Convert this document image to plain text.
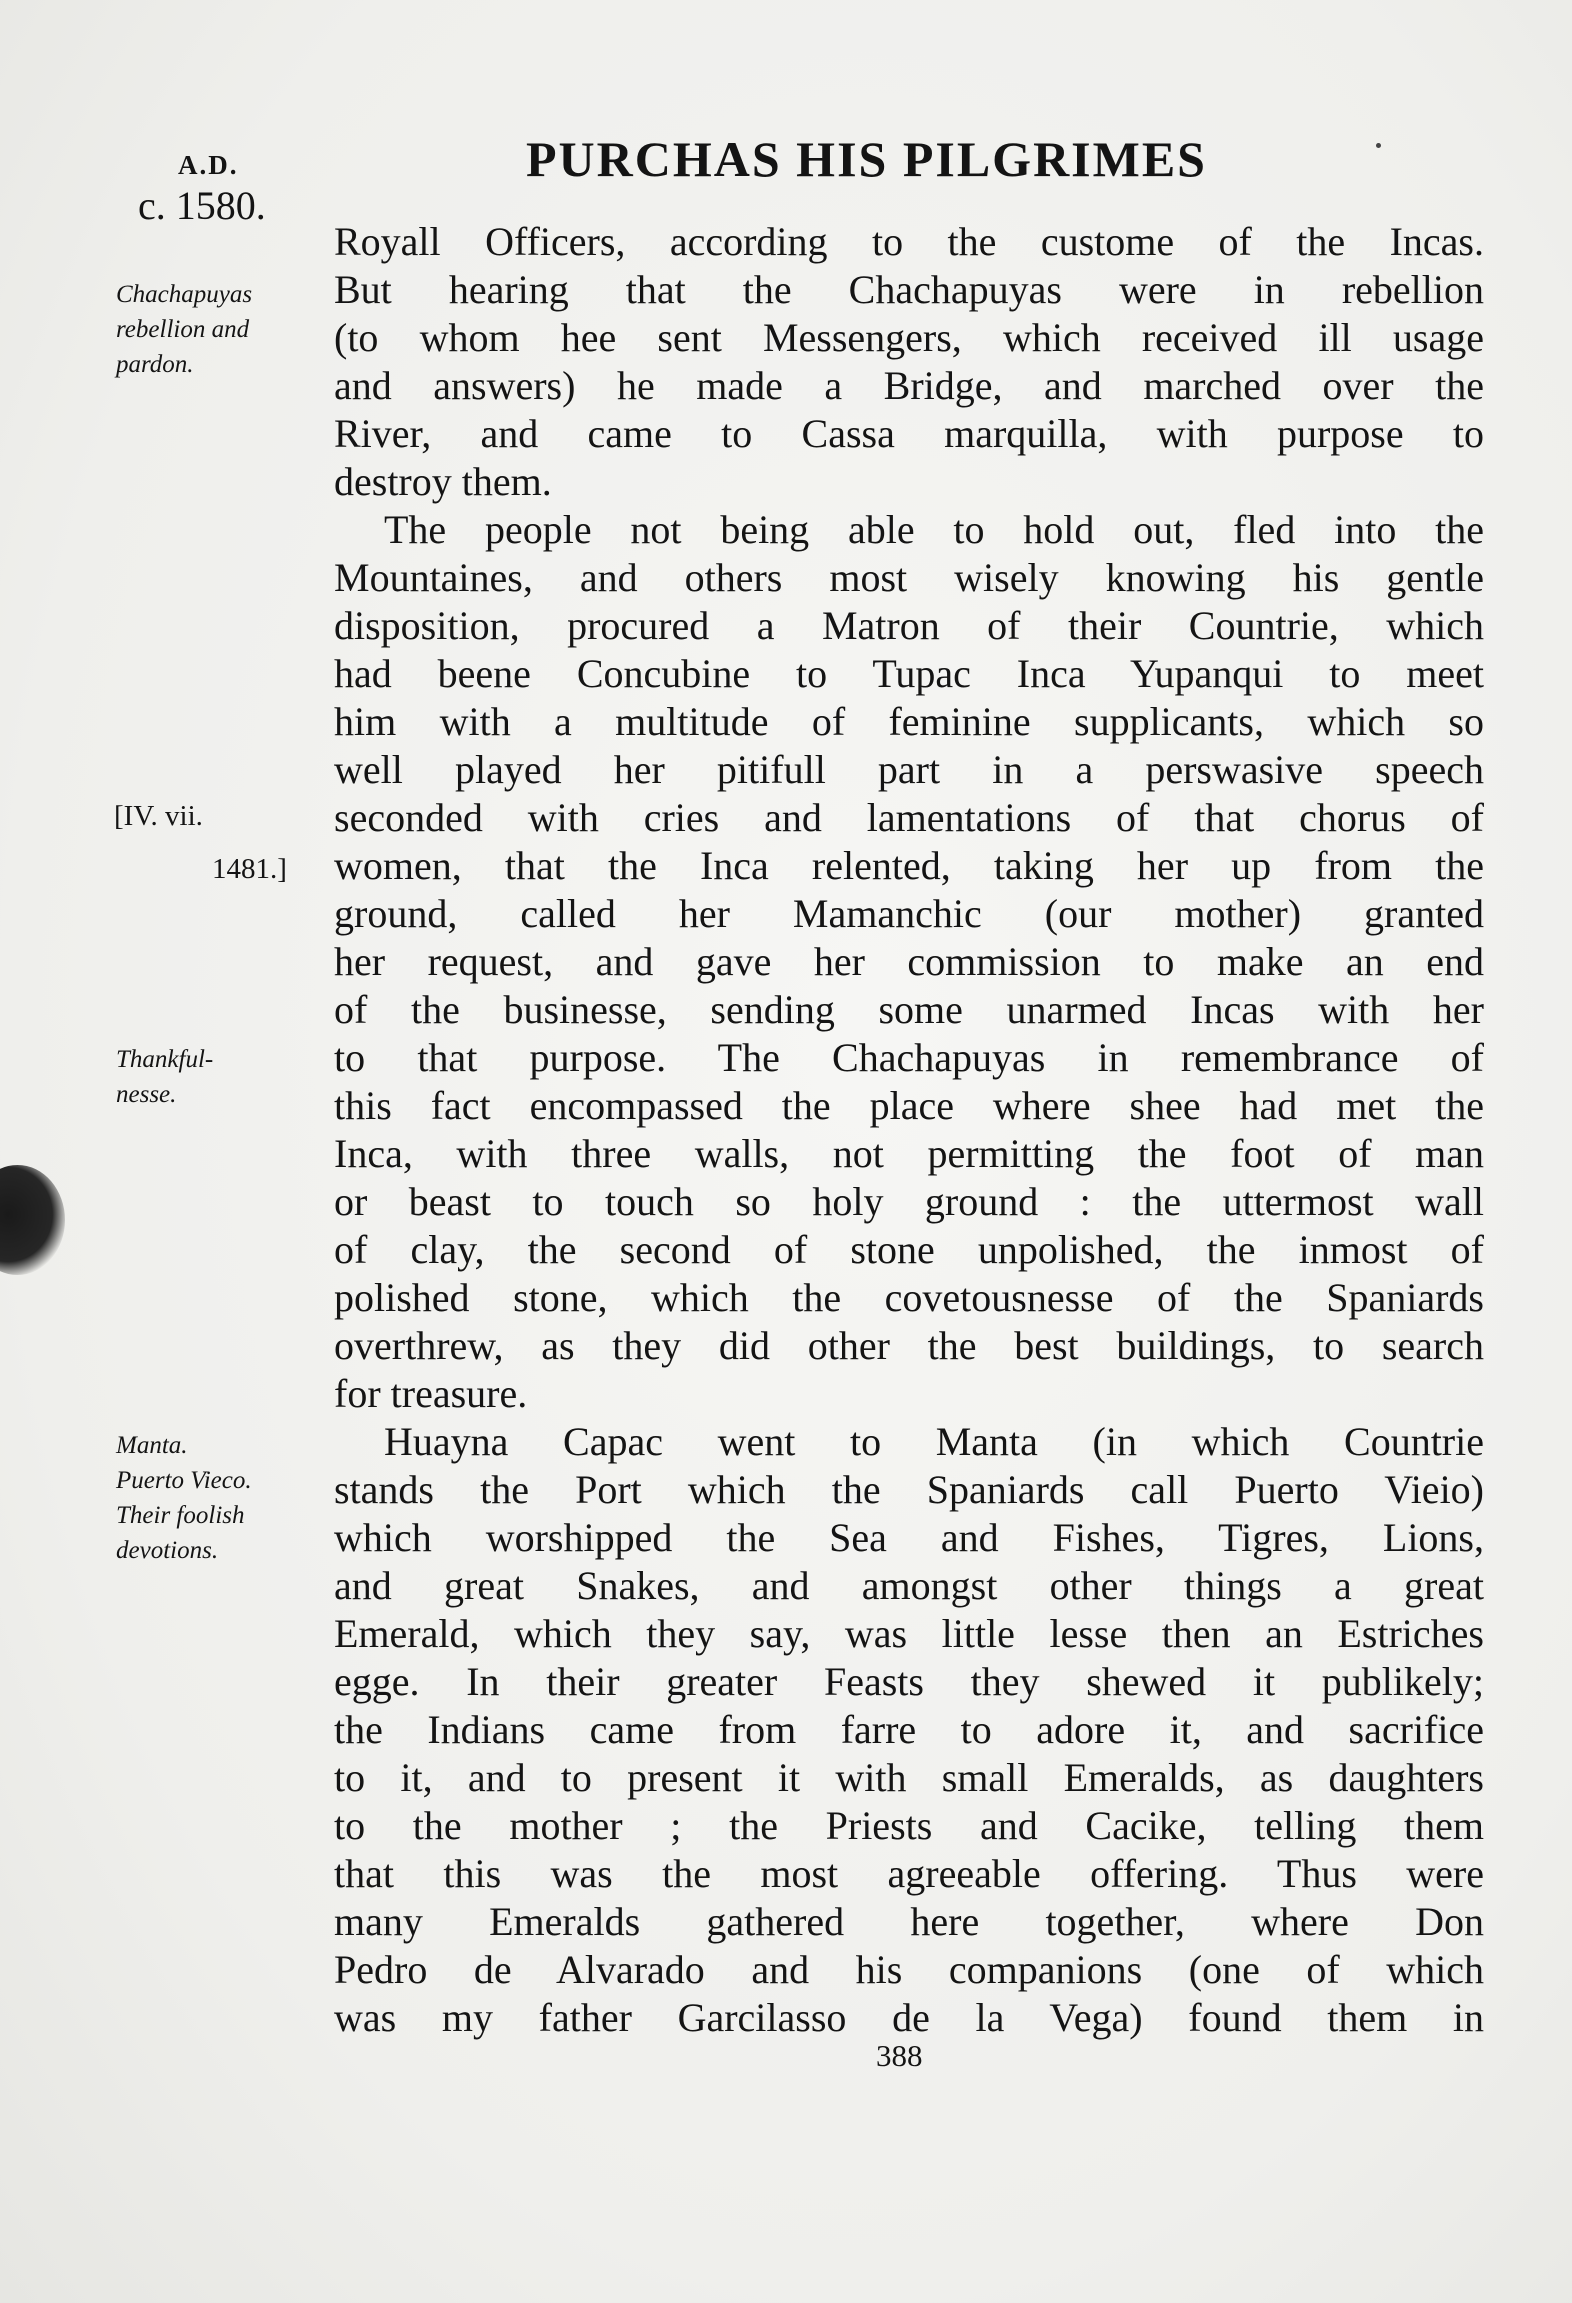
A.D.
c. 1580.
PURCHAS HIS PILGRIMES
Chachapuyas
rebellion and
pardon.
[IV. vii.
1481.]
Thankful-
nesse.
Manta.
Puerto Vieco.
Their foolish
devotions.
Royall Officers, according to the custome of the Incas.
But hearing that the Chachapuyas were in rebellion
(to whom hee sent Messengers, which received ill usage
and answers) he made a Bridge, and marched over the
River, and came to Cassa marquilla, with purpose to
destroy them.
The people not being able to hold out, fled into the
Mountaines, and others most wisely knowing his gentle
disposition, procured a Matron of their Countrie, which
had beene Concubine to Tupac Inca Yupanqui to meet
him with a multitude of feminine supplicants, which so
well played her pitifull part in a perswasive speech
seconded with cries and lamentations of that chorus of
women, that the Inca relented, taking her up from the
ground, called her Mamanchic (our mother) granted
her request, and gave her commission to make an end
of the businesse, sending some unarmed Incas with her
to that purpose. The Chachapuyas in remembrance of
this fact encompassed the place where shee had met the
Inca, with three walls, not permitting the foot of man
or beast to touch so holy ground : the uttermost wall
of clay, the second of stone unpolished, the inmost of
polished stone, which the covetousnesse of the Spaniards
overthrew, as they did other the best buildings, to search
for treasure.
Huayna Capac went to Manta (in which Countrie
stands the Port which the Spaniards call Puerto Vieio)
which worshipped the Sea and Fishes, Tigres, Lions,
and great Snakes, and amongst other things a great
Emerald, which they say, was little lesse then an Estriches
egge. In their greater Feasts they shewed it publikely;
the Indians came from farre to adore it, and sacrifice
to it, and to present it with small Emeralds, as daughters
to the mother ; the Priests and Cacike, telling them
that this was the most agreeable offering. Thus were
many Emeralds gathered here together, where Don
Pedro de Alvarado and his companions (one of which
was my father Garcilasso de la Vega) found them in
388
